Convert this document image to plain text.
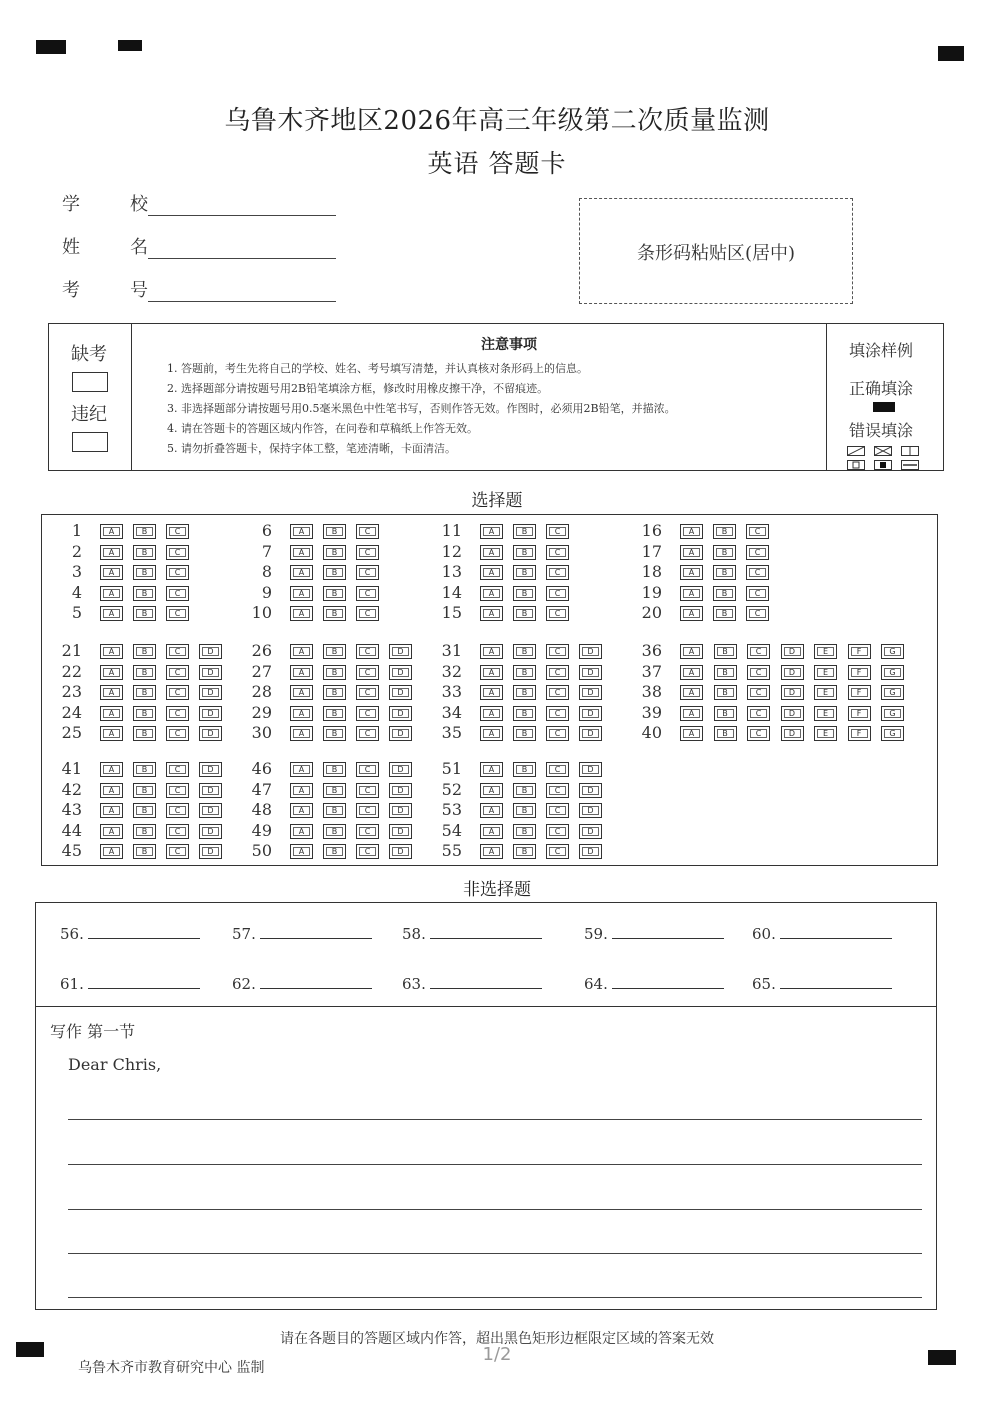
乌鲁木齐地区2026年高三年级第二次质量监测
英语 答题卡
学	校
姓	名
考	号
条形码粘贴区(居中)
缺考
违纪
注意事项
1. 答题前，考生先将自己的学校、姓名、考号填写清楚，并认真核对条形码上的信息。
2. 选择题部分请按题号用2B铅笔填涂方框，修改时用橡皮擦干净，不留痕迹。
3. 非选择题部分请按题号用0.5毫米黑色中性笔书写，否则作答无效。作图时，必须用2B铅笔，并描浓。
4. 请在答题卡的答题区域内作答，在问卷和草稿纸上作答无效。
5. 请勿折叠答题卡，保持字体工整，笔迹清晰，卡面清洁。
填涂样例
正确填涂
错误填涂
选择题
1	A	B	C
2	A	B	C
3	A	B	C
4	A	B	C
5	A	B	C
6	A	B	C
7	A	B	C
8	A	B	C
9	A	B	C
10	A	B	C
11	A	B	C
12	A	B	C
13	A	B	C
14	A	B	C
15	A	B	C
16	A	B	C
17	A	B	C
18	A	B	C
19	A	B	C
20	A	B	C
21	A	B	C	D
22	A	B	C	D
23	A	B	C	D
24	A	B	C	D
25	A	B	C	D
26	A	B	C	D
27	A	B	C	D
28	A	B	C	D
29	A	B	C	D
30	A	B	C	D
31	A	B	C	D
32	A	B	C	D
33	A	B	C	D
34	A	B	C	D
35	A	B	C	D
36	A	B	C	D	E	F	G
37	A	B	C	D	E	F	G
38	A	B	C	D	E	F	G
39	A	B	C	D	E	F	G
40	A	B	C	D	E	F	G
41	A	B	C	D
42	A	B	C	D
43	A	B	C	D
44	A	B	C	D
45	A	B	C	D
46	A	B	C	D
47	A	B	C	D
48	A	B	C	D
49	A	B	C	D
50	A	B	C	D
51	A	B	C	D
52	A	B	C	D
53	A	B	C	D
54	A	B	C	D
55	A	B	C	D
非选择题
写作 第一节
Dear Chris,
56.	57.	58.	59.	60.
61.	62.	63.	64.	65.
请在各题目的答题区域内作答，超出黑色矩形边框限定区域的答案无效
1/2
乌鲁木齐市教育研究中心 监制
